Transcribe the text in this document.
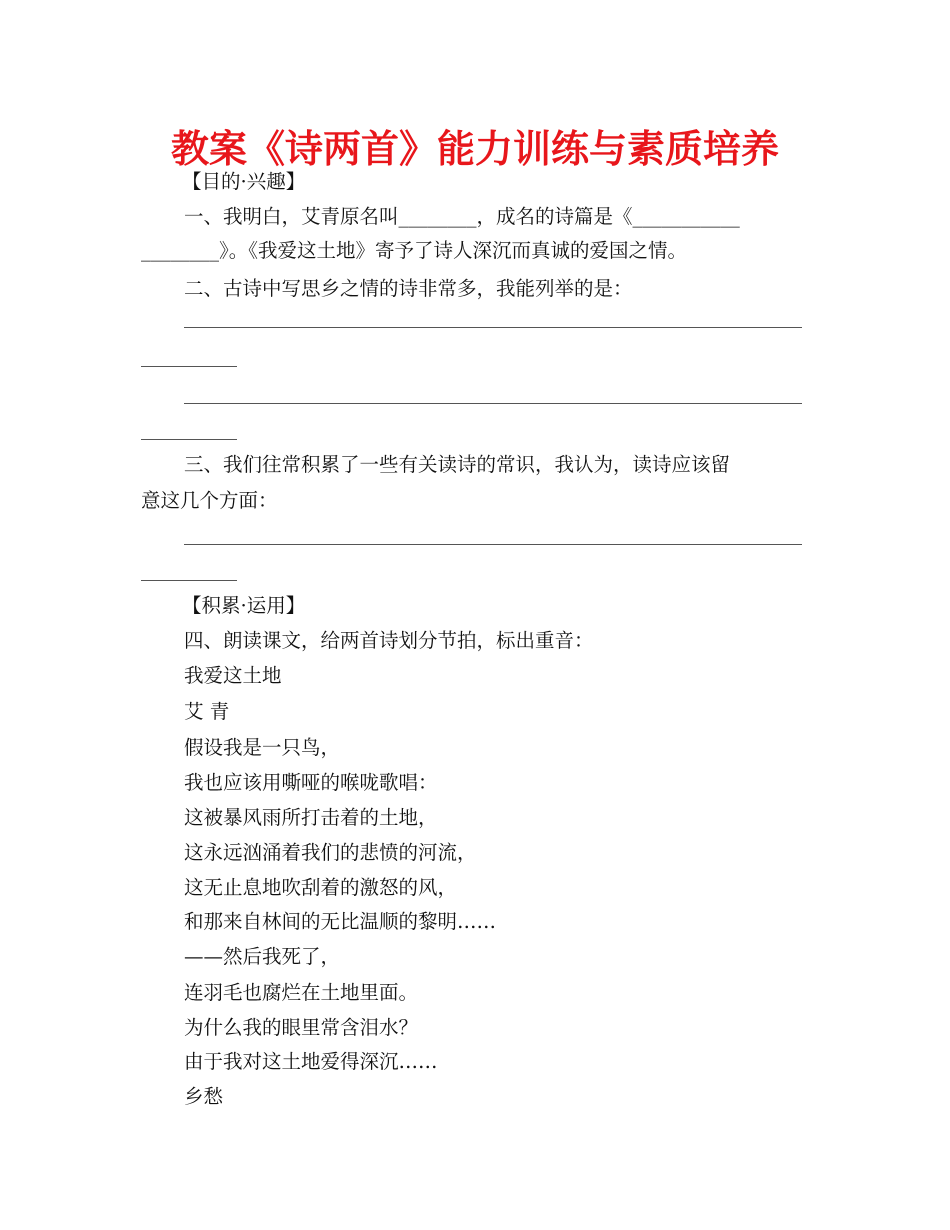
教案《诗两首》能力训练与素质培养
【目的·兴趣】
一、我明白，艾青原名叫________，成名的诗篇是《___________
________》。《我爱这土地》寄予了诗人深沉而真诚的爱国之情。
二、古诗中写思乡之情的诗非常多，我能列举的是：
三、我们往常积累了一些有关读诗的常识，我认为，读诗应该留
意这几个方面：
【积累·运用】
四、朗读课文，给两首诗划分节拍，标出重音：
我爱这土地
艾 青
假设我是一只鸟，
我也应该用嘶哑的喉咙歌唱：
这被暴风雨所打击着的土地，
这永远汹涌着我们的悲愤的河流，
这无止息地吹刮着的激怒的风，
和那来自林间的无比温顺的黎明……
——然后我死了，
连羽毛也腐烂在土地里面。
为什么我的眼里常含泪水？
由于我对这土地爱得深沉……
乡愁
